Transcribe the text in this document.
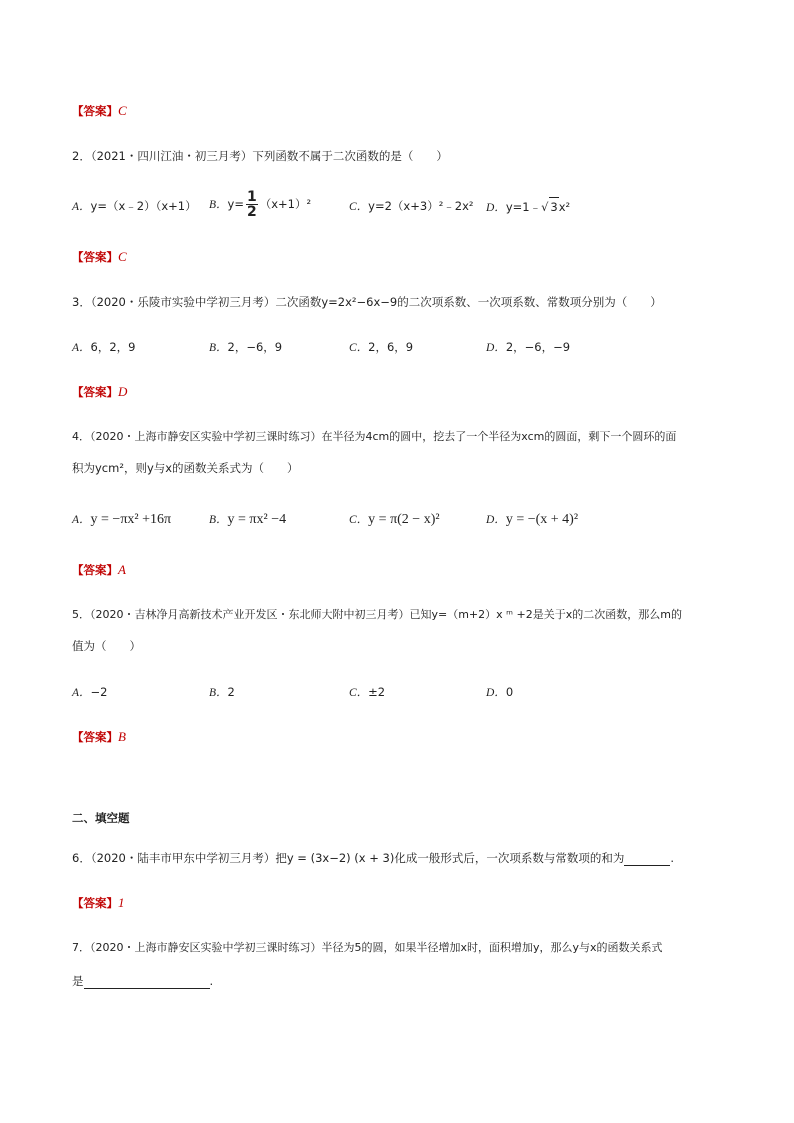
【答案】C
2．（2021・四川江油・初三月考）下列函数不属于二次函数的是（　　）
A．y=（x﹣2）（x+1） B．$y= \frac{1}{2} (x+1)^2$	C．y=2（x+3）²﹣2x² D．y=1﹣√ 3x²
【答案】C
3．（2020・乐陵市实验中学初三月考）二次函数y=2x²−6x−9的二次项系数、一次项系数、常数项分别为（　　）
A．6，2，9	B．2，−6，9	C．2，6，9	D．2，−6，−9
【答案】D
4．（2020・上海市静安区实验中学初三课时练习）在半径为4cm的圆中，挖去了一个半径为xcm的圆面，剩下一个圆环的面
积为ycm²，则y与x的函数关系式为（　　）
A．y = −πx² +16π	B．y = πx² −4	C．y = π(2 − x)²	D．y = −(x + 4)²
【答案】A
5．（2020・吉林净月高新技术产业开发区・东北师大附中初三月考）已知y=（m+2）x ᵐ +2是关于x的二次函数，那么m的
值为（　　）
A．−2	B．2	C．±2	D．0
【答案】B
二、填空题
6．（2020・陆丰市甲东中学初三月考）把y = (3x−2) (x + 3)化成一般形式后，一次项系数与常数项的和为	.
【答案】1
7．（2020・上海市静安区实验中学初三课时练习）半径为5的圆，如果半径增加x时，面积增加y，那么y与x的函数关系式
是	.
